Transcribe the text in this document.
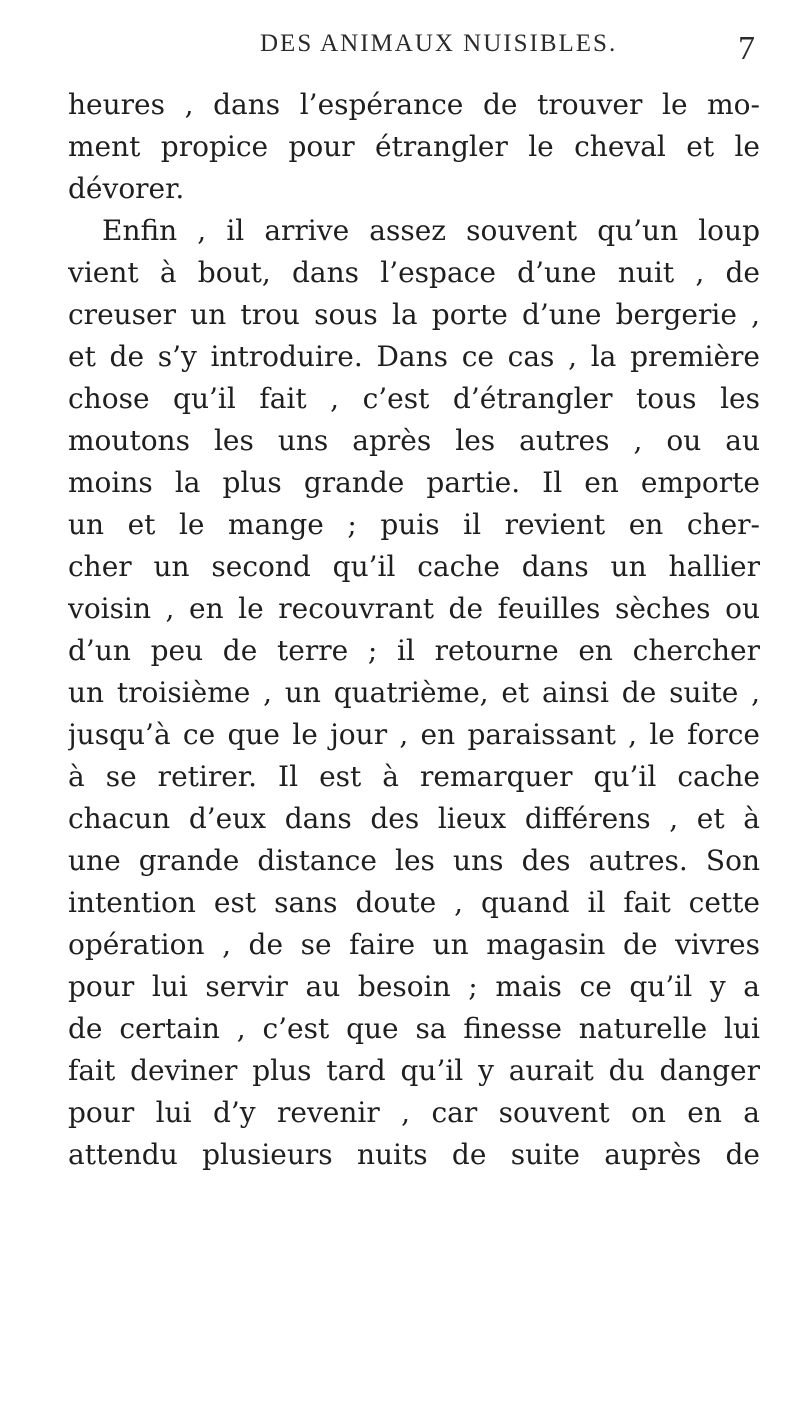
DES ANIMAUX NUISIBLES.	7
heures , dans l’espérance de trouver le mo-
ment propice pour étrangler le cheval et le
dévorer.
Enfin , il arrive assez souvent qu’un loup
vient à bout, dans l’espace d’une nuit , de
creuser un trou sous la porte d’une bergerie ,
et de s’y introduire. Dans ce cas , la première
chose qu’il fait , c’est d’étrangler tous les
moutons les uns après les autres , ou au
moins la plus grande partie. Il en emporte
un et le mange ; puis il revient en cher-
cher un second qu’il cache dans un hallier
voisin , en le recouvrant de feuilles sèches ou
d’un peu de terre ; il retourne en chercher
un troisième , un quatrième, et ainsi de suite ,
jusqu’à ce que le jour , en paraissant , le force
à se retirer. Il est à remarquer qu’il cache
chacun d’eux dans des lieux différens , et à
une grande distance les uns des autres. Son
intention est sans doute , quand il fait cette
opération , de se faire un magasin de vivres
pour lui servir au besoin ; mais ce qu’il y a
de certain , c’est que sa finesse naturelle lui
fait deviner plus tard qu’il y aurait du danger
pour lui d’y revenir , car souvent on en a
attendu plusieurs nuits de suite auprès de
